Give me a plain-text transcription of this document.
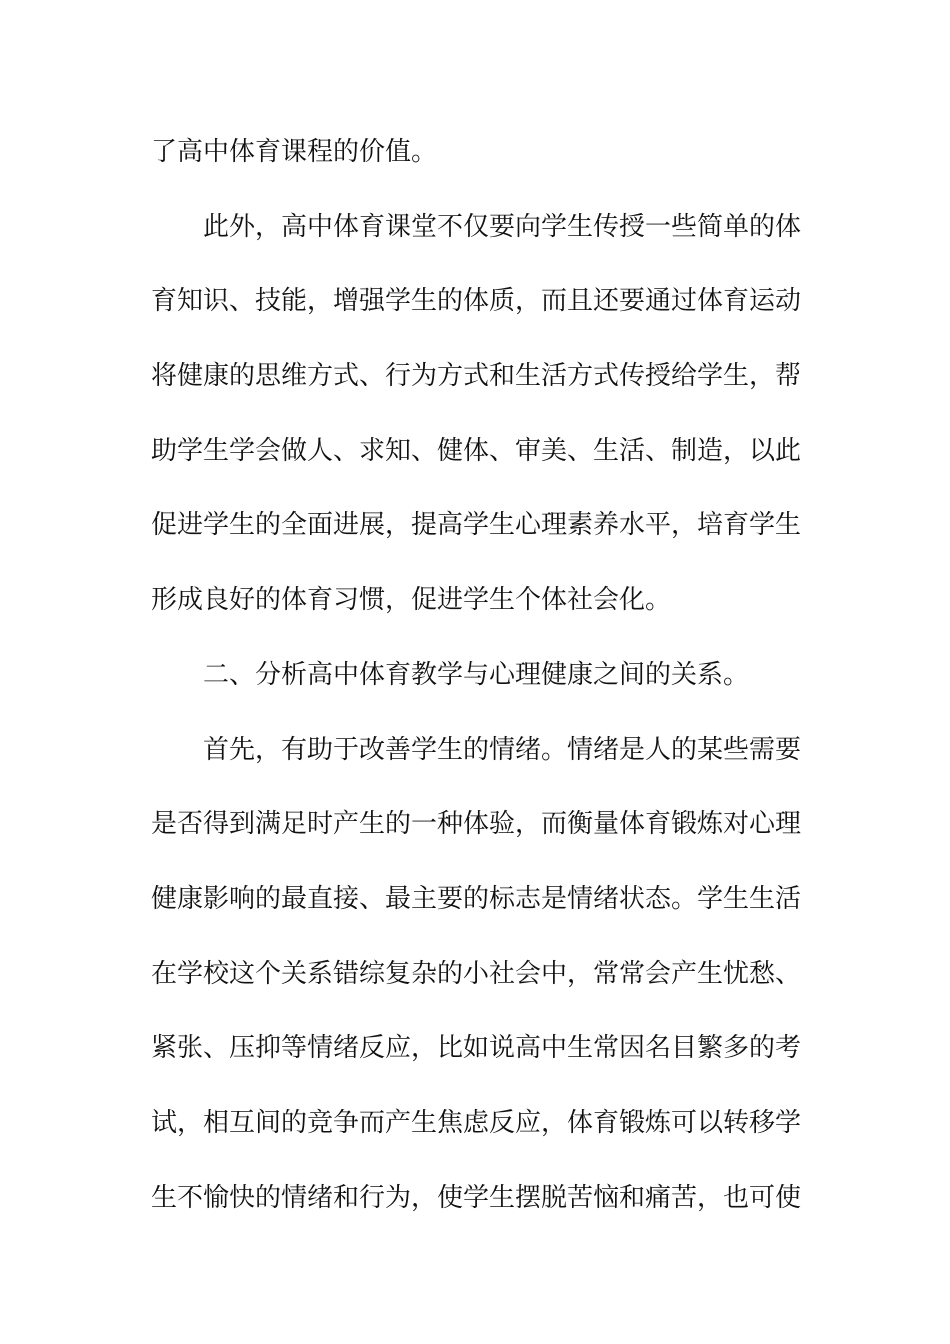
了高中体育课程的价值。
此外，高中体育课堂不仅要向学生传授一些简单的体
育知识、技能，增强学生的体质，而且还要通过体育运动
将健康的思维方式、行为方式和生活方式传授给学生，帮
助学生学会做人、求知、健体、审美、生活、制造，以此
促进学生的全面进展，提高学生心理素养水平，培育学生
形成良好的体育习惯，促进学生个体社会化。
二、分析高中体育教学与心理健康之间的关系。
首先，有助于改善学生的情绪。情绪是人的某些需要
是否得到满足时产生的一种体验，而衡量体育锻炼对心理
健康影响的最直接、最主要的标志是情绪状态。学生生活
在学校这个关系错综复杂的小社会中，常常会产生忧愁、
紧张、压抑等情绪反应，比如说高中生常因名目繁多的考
试，相互间的竞争而产生焦虑反应，体育锻炼可以转移学
生不愉快的情绪和行为，使学生摆脱苦恼和痛苦，也可使
